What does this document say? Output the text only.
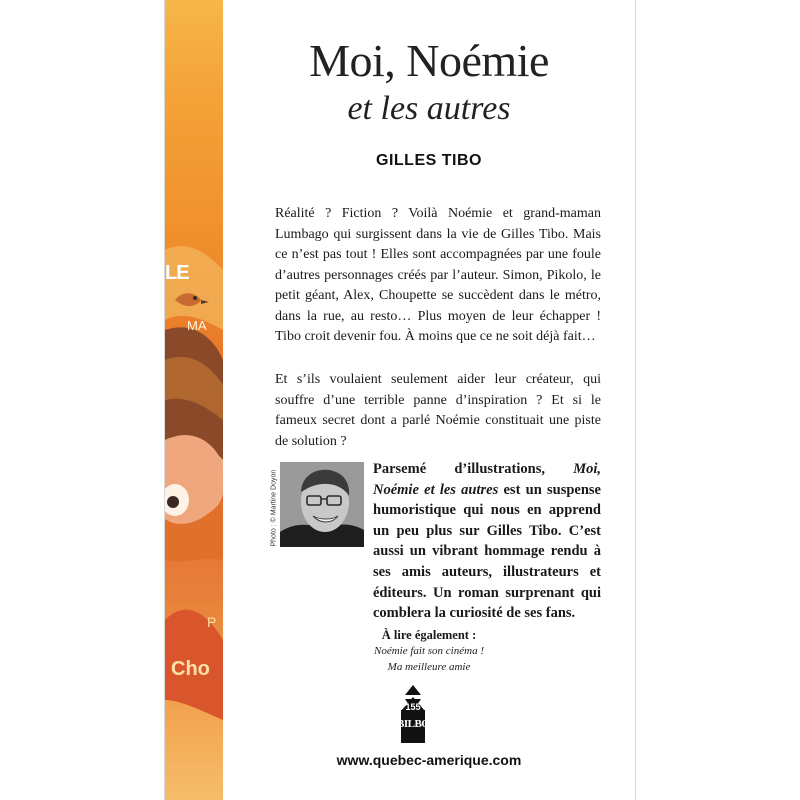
LE
MA
P
Cho
Moi, Noémie
et les autres
GILLES TIBO

Réalité ? Fiction ? Voilà Noémie et grand-maman Lumbago qui surgissent dans la vie de Gilles Tibo. Mais ce n’est pas tout ! Elles sont accompagnées par une foule d’autres personnages créés par l’auteur. Simon, Pikolo, le petit géant, Alex, Choupette se succèdent dans le métro, dans la rue, au resto… Plus moyen de leur échapper ! Tibo croit devenir fou. À moins que ce ne soit déjà fait…

Et s’ils voulaient seulement aider leur créateur, qui souffre d’une terrible panne d’inspiration ? Et si le fameux secret dont a parlé Noémie constituait une piste de solution ?

Photo : © Martine Doyon

Parsemé d’illustrations, Moi, Noémie et les autres est un suspense humoristique qui nous en apprend un peu plus sur Gilles Tibo. C’est aussi un vibrant hommage rendu à ses amis auteurs, illustrateurs et éditeurs. Un roman surprenant qui comblera la curiosité de ses fans.

À lire également :
Noémie fait son cinéma !
Ma meilleure amie
155
BILBO
www.quebec-amerique.com
